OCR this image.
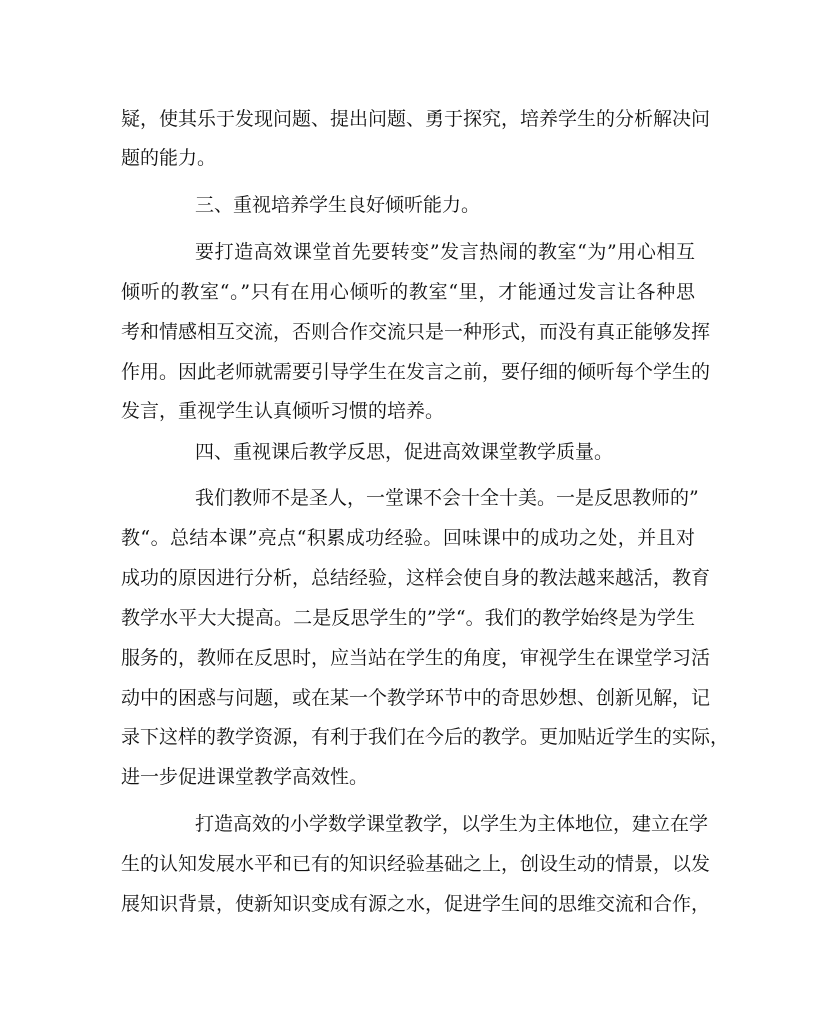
疑，使其乐于发现问题、提出问题、勇于探究，培养学生的分析解决问
题的能力。
三、重视培养学生良好倾听能力。
要打造高效课堂首先要转变”发言热闹的教室“为”用心相互
倾听的教室“。”只有在用心倾听的教室“里，才能通过发言让各种思
考和情感相互交流，否则合作交流只是一种形式，而没有真正能够发挥
作用。因此老师就需要引导学生在发言之前，要仔细的倾听每个学生的
发言，重视学生认真倾听习惯的培养。
四、重视课后教学反思，促进高效课堂教学质量。
我们教师不是圣人，一堂课不会十全十美。一是反思教师的”
教“。总结本课”亮点“积累成功经验。回味课中的成功之处，并且对
成功的原因进行分析，总结经验，这样会使自身的教法越来越活，教育
教学水平大大提高。二是反思学生的”学“。我们的教学始终是为学生
服务的，教师在反思时，应当站在学生的角度，审视学生在课堂学习活
动中的困惑与问题，或在某一个教学环节中的奇思妙想、创新见解，记
录下这样的教学资源，有利于我们在今后的教学。更加贴近学生的实际，
进一步促进课堂教学高效性。
打造高效的小学数学课堂教学，以学生为主体地位，建立在学
生的认知发展水平和已有的知识经验基础之上，创设生动的情景，以发
展知识背景，使新知识变成有源之水，促进学生间的思维交流和合作，
